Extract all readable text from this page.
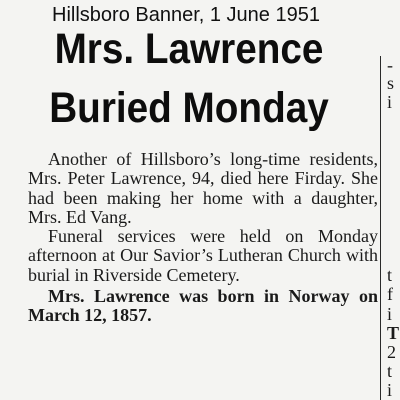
Hillsboro Banner, 1 June 1951
Mrs. Lawrence
Buried Monday

Another of Hillsboro’s long-time residents, Mrs. Peter Lawrence, 94, died here Firday. She had been making her home with a daughter, Mrs. Ed Vang.

Funeral services were held on Monday afternoon at Our Savior’s Lutheran Church with burial in Riverside Cemetery.

Mrs. Lawrence was born in Norway on March 12, 1857.

-
s
i
t
f
i
T
2
t
i
